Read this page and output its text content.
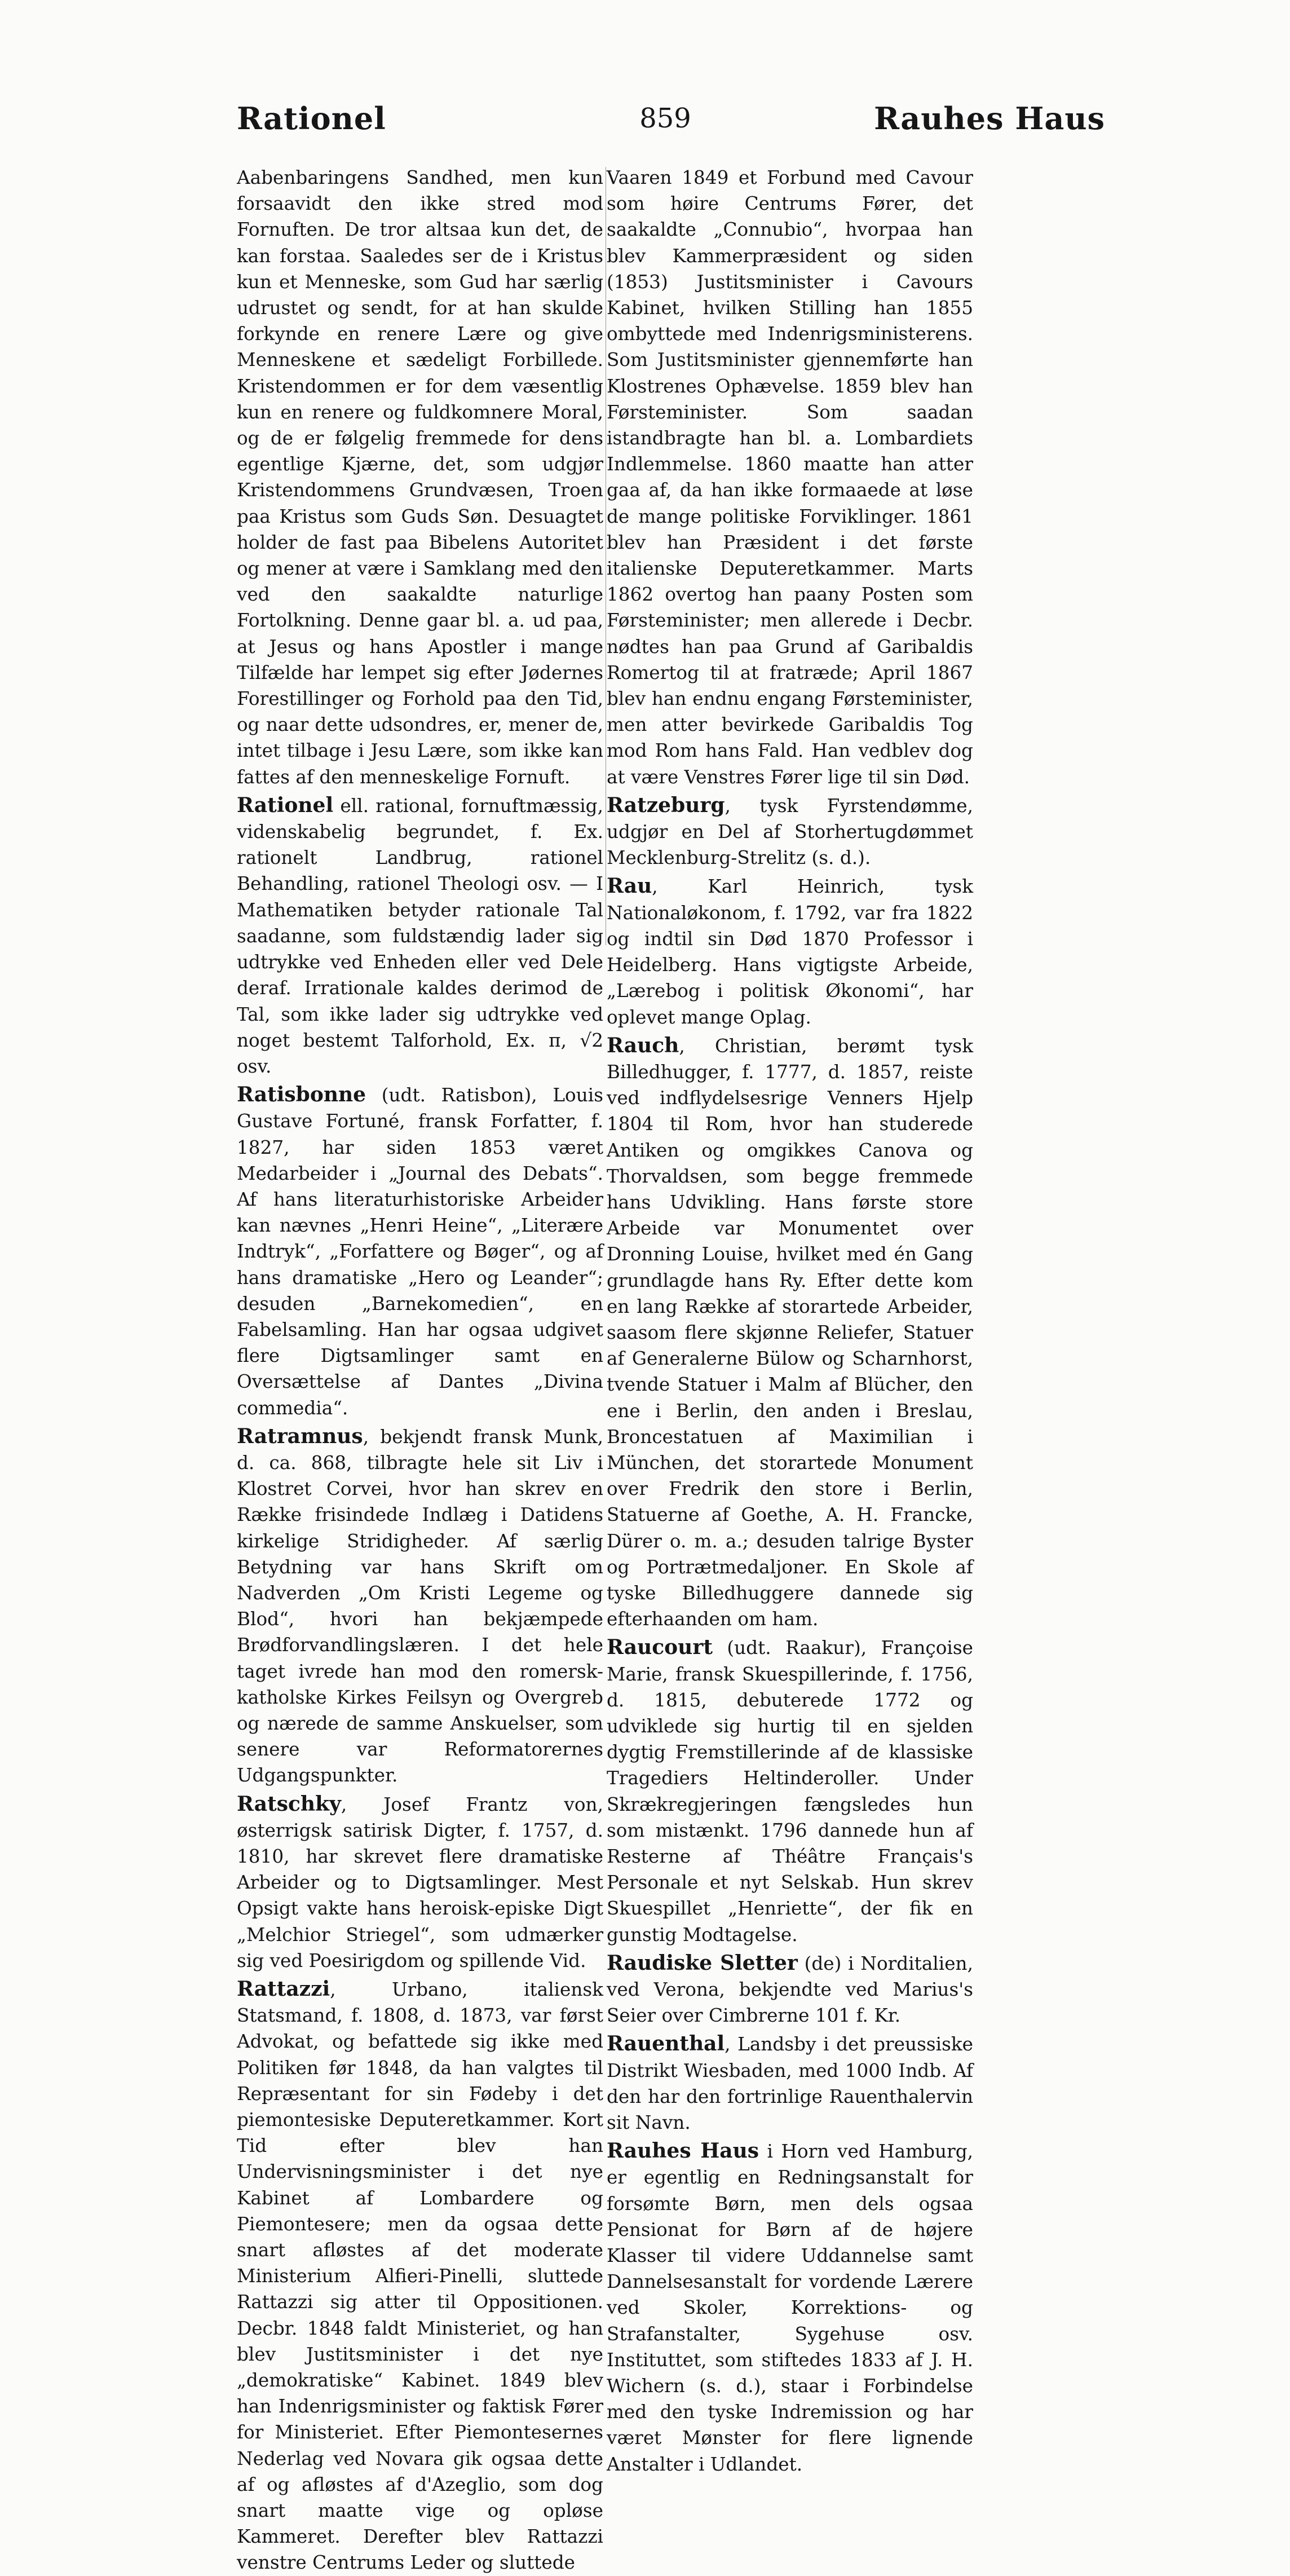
Rationel	859	Rauhes Haus

Aabenbaringens Sandhed, men kun forsaavidt den ikke stred mod Fornuften. De tror altsaa kun det, de kan forstaa. Saaledes ser de i Kristus kun et Menneske, som Gud har særlig udrustet og sendt, for at han skulde forkynde en renere Lære og give Menneskene et sædeligt Forbillede. Kristendommen er for dem væsentlig kun en renere og fuldkomnere Moral, og de er følgelig fremmede for dens egentlige Kjærne, det, som udgjør Kristendommens Grundvæsen, Troen paa Kristus som Guds Søn. Desuagtet holder de fast paa Bibelens Autoritet og mener at være i Samklang med den ved den saakaldte naturlige Fortolkning. Denne gaar bl. a. ud paa, at Jesus og hans Apostler i mange Tilfælde har lempet sig efter Jødernes Forestillinger og Forhold paa den Tid, og naar dette udsondres, er, mener de, intet tilbage i Jesu Lære, som ikke kan fattes af den menneskelige Fornuft.

Rationel ell. rational, fornuftmæssig, videnskabelig begrundet, f. Ex. rationelt Landbrug, rationel Behandling, rationel Theologi osv. — I Mathematiken betyder rationale Tal saadanne, som fuldstændig lader sig udtrykke ved Enheden eller ved Dele deraf. Irrationale kaldes derimod de Tal, som ikke lader sig udtrykke ved noget bestemt Talforhold, Ex. π, √2 osv.

Ratisbonne (udt. Ratisbon), Louis Gustave Fortuné, fransk Forfatter, f. 1827, har siden 1853 været Medarbeider i „Journal des Debats“. Af hans literaturhistoriske Arbeider kan nævnes „Henri Heine“, „Literære Indtryk“, „Forfattere og Bøger“, og af hans dramatiske „Hero og Leander“; desuden „Barnekomedien“, en Fabelsamling. Han har ogsaa udgivet flere Digtsamlinger samt en Oversættelse af Dantes „Divina commedia“.

Ratramnus, bekjendt fransk Munk, d. ca. 868, tilbragte hele sit Liv i Klostret Corvei, hvor han skrev en Række frisindede Indlæg i Datidens kirkelige Stridigheder. Af særlig Betydning var hans Skrift om Nadverden „Om Kristi Legeme og Blod“, hvori han bekjæmpede Brødforvandlingslæren. I det hele taget ivrede han mod den romersk-katholske Kirkes Feilsyn og Overgreb og nærede de samme Anskuelser, som senere var Reformatorernes Udgangspunkter.

Ratschky, Josef Frantz von, østerrigsk satirisk Digter, f. 1757, d. 1810, har skrevet flere dramatiske Arbeider og to Digtsamlinger. Mest Opsigt vakte hans heroisk-episke Digt „Melchior Striegel“, som udmærker sig ved Poesirigdom og spillende Vid.

Rattazzi, Urbano, italiensk Statsmand, f. 1808, d. 1873, var først Advokat, og befattede sig ikke med Politiken før 1848, da han valgtes til Repræsentant for sin Fødeby i det piemontesiske Deputeretkammer. Kort Tid efter blev han Undervisningsminister i det nye Kabinet af Lombardere og Piemontesere; men da ogsaa dette snart afløstes af det moderate Ministerium Alfieri-Pinelli, sluttede Rattazzi sig atter til Oppositionen. Decbr. 1848 faldt Ministeriet, og han blev Justitsminister i det nye „demokratiske“ Kabinet. 1849 blev han Indenrigsminister og faktisk Fører for Ministeriet. Efter Piemontesernes Nederlag ved Novara gik ogsaa dette af og afløstes af d'Azeglio, som dog snart maatte vige og opløse Kammeret. Derefter blev Rattazzi venstre Centrums Leder og sluttede

Vaaren 1849 et Forbund med Cavour som høire Centrums Fører, det saakaldte „Connubio“, hvorpaa han blev Kammerpræsident og siden (1853) Justitsminister i Cavours Kabinet, hvilken Stilling han 1855 ombyttede med Indenrigsministerens. Som Justitsminister gjennemførte han Klostrenes Ophævelse. 1859 blev han Førsteminister. Som saadan istandbragte han bl. a. Lombardiets Indlemmelse. 1860 maatte han atter gaa af, da han ikke formaaede at løse de mange politiske Forviklinger. 1861 blev han Præsident i det første italienske Deputeretkammer. Marts 1862 overtog han paany Posten som Førsteminister; men allerede i Decbr. nødtes han paa Grund af Garibaldis Romertog til at fratræde; April 1867 blev han endnu engang Førsteminister, men atter bevirkede Garibaldis Tog mod Rom hans Fald. Han vedblev dog at være Venstres Fører lige til sin Død.

Ratzeburg, tysk Fyrstendømme, udgjør en Del af Storhertugdømmet Mecklenburg-Strelitz (s. d.).

Rau, Karl Heinrich, tysk Nationaløkonom, f. 1792, var fra 1822 og indtil sin Død 1870 Professor i Heidelberg. Hans vigtigste Arbeide, „Lærebog i politisk Økonomi“, har oplevet mange Oplag.

Rauch, Christian, berømt tysk Billedhugger, f. 1777, d. 1857, reiste ved indflydelsesrige Venners Hjelp 1804 til Rom, hvor han studerede Antiken og omgikkes Canova og Thorvaldsen, som begge fremmede hans Udvikling. Hans første store Arbeide var Monumentet over Dronning Louise, hvilket med én Gang grundlagde hans Ry. Efter dette kom en lang Række af storartede Arbeider, saasom flere skjønne Reliefer, Statuer af Generalerne Bülow og Scharnhorst, tvende Statuer i Malm af Blücher, den ene i Berlin, den anden i Breslau, Broncestatuen af Maximilian i München, det storartede Monument over Fredrik den store i Berlin, Statuerne af Goethe, A. H. Francke, Dürer o. m. a.; desuden talrige Byster og Portrætmedaljoner. En Skole af tyske Billedhuggere dannede sig efterhaanden om ham.

Raucourt (udt. Raakur), Françoise Marie, fransk Skuespillerinde, f. 1756, d. 1815, debuterede 1772 og udviklede sig hurtig til en sjelden dygtig Fremstillerinde af de klassiske Tragediers Heltinderoller. Under Skrækregjeringen fængsledes hun som mistænkt. 1796 dannede hun af Resterne af Théâtre Français's Personale et nyt Selskab. Hun skrev Skuespillet „Henriette“, der fik en gunstig Modtagelse.

Raudiske Sletter (de) i Norditalien, ved Verona, bekjendte ved Marius's Seier over Cimbrerne 101 f. Kr.

Rauenthal, Landsby i det preussiske Distrikt Wiesbaden, med 1000 Indb. Af den har den fortrinlige Rauenthalervin sit Navn.

Rauhes Haus i Horn ved Hamburg, er egentlig en Redningsanstalt for forsømte Børn, men dels ogsaa Pensionat for Børn af de højere Klasser til videre Uddannelse samt Dannelsesanstalt for vordende Lærere ved Skoler, Korrektions- og Strafanstalter, Sygehuse osv. Instituttet, som stiftedes 1833 af J. H. Wichern (s. d.), staar i Forbindelse med den tyske Indremission og har været Mønster for flere lignende Anstalter i Udlandet.
